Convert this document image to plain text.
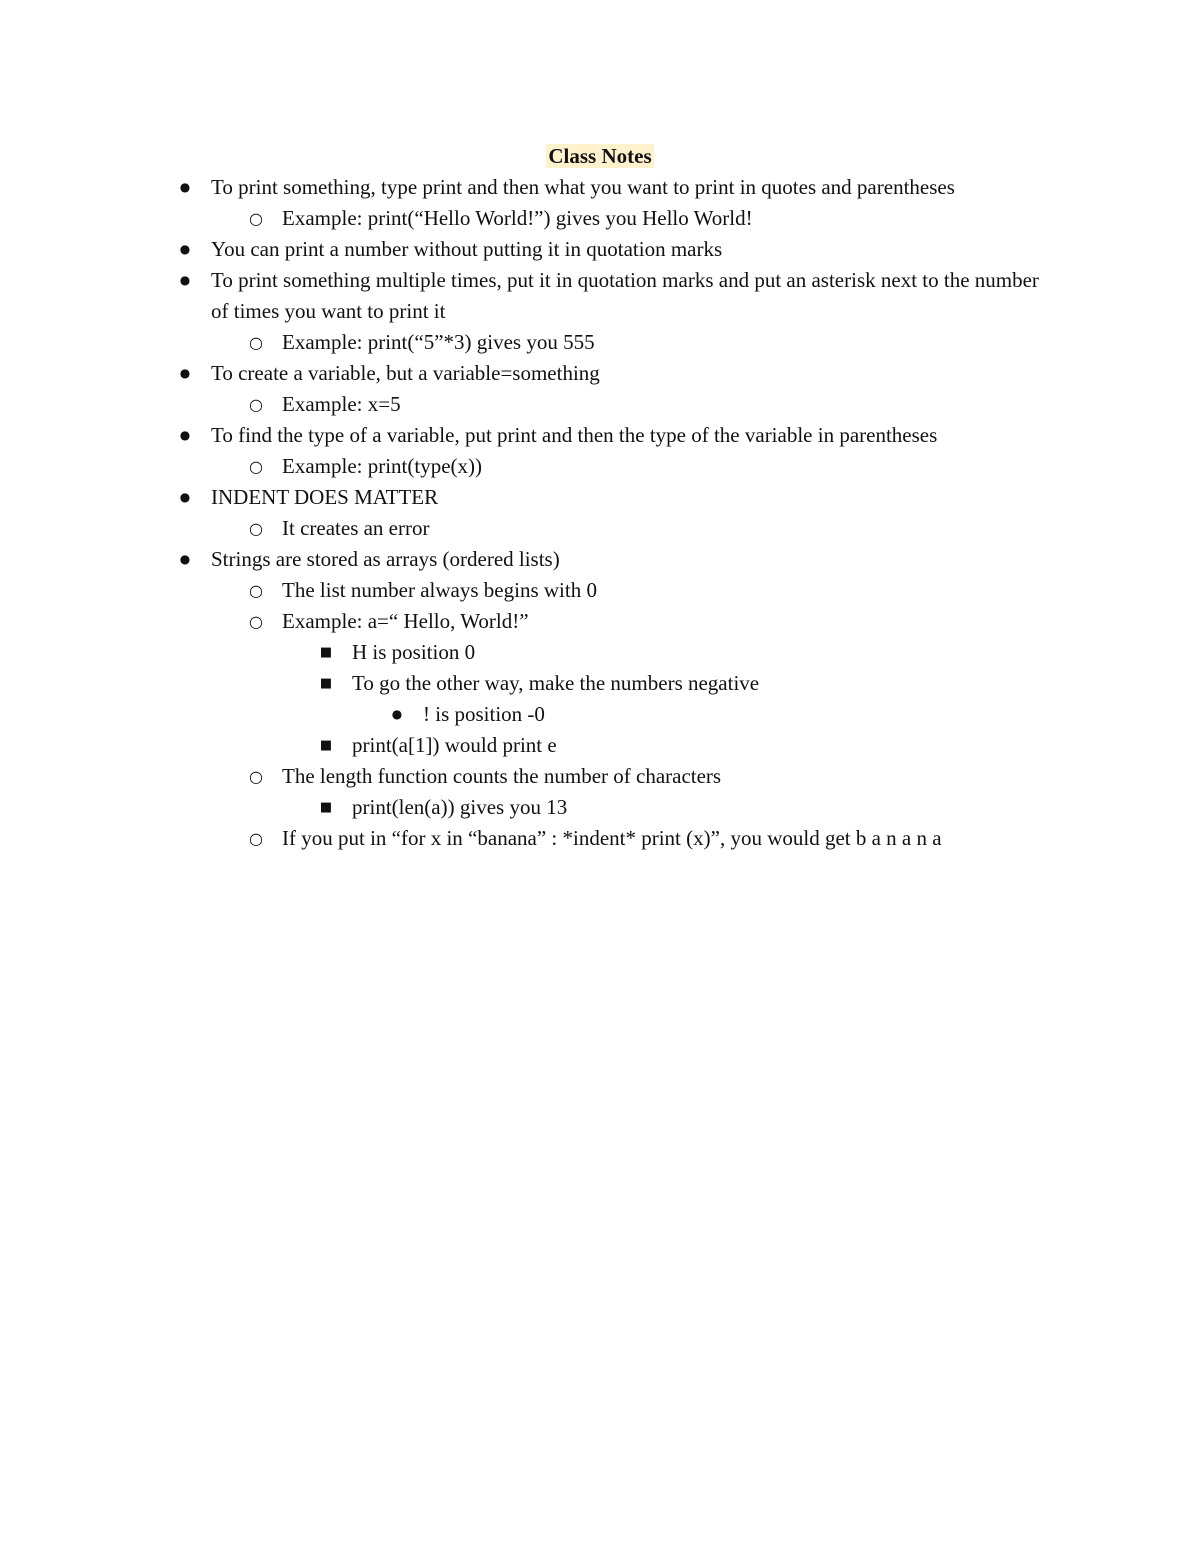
Class Notes
● To print something, type print and then what you want to print in quotes and parentheses
○ Example: print(“Hello World!”) gives you Hello World!
● You can print a number without putting it in quotation marks
● To print something multiple times, put it in quotation marks and put an asterisk next to the number of times you want to print it
○ Example: print(“5”*3) gives you 555
● To create a variable, but a variable=something
○ Example: x=5
● To find the type of a variable, put print and then the type of the variable in parentheses
○ Example: print(type(x))
● INDENT DOES MATTER
○ It creates an error
● Strings are stored as arrays (ordered lists)
○ The list number always begins with 0
○ Example: a=“ Hello, World!”
■ H is position 0
■ To go the other way, make the numbers negative
● ! is position -0
■ print(a[1]) would print e
○ The length function counts the number of characters
■ print(len(a)) gives you 13
○ If you put in “for x in “banana” : *indent* print (x)”, you would get b a n a n a
